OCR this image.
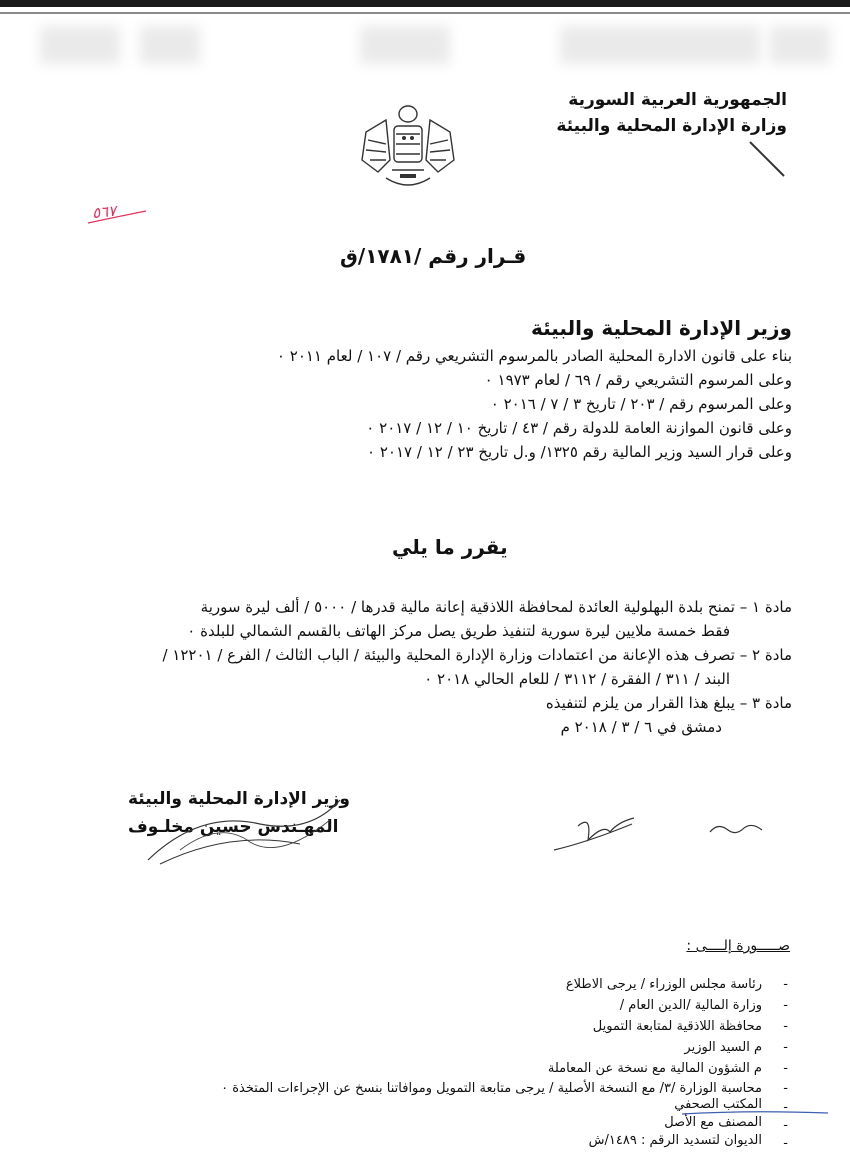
الجمهورية العربية السورية
وزارة الإدارة المحلية والبيئة
٥٦٧
قـرار رقم /١٧٨١/ق
وزير الإدارة المحلية والبيئة
بناء على قانون الادارة المحلية الصادر بالمرسوم التشريعي رقم / ١٠٧ / لعام ٢٠١١ ٠
وعلى المرسوم التشريعي رقم / ٦٩ / لعام ١٩٧٣ ٠
وعلى المرسوم رقم / ٢٠٣ / تاريخ ٣ / ٧ / ٢٠١٦ ٠
وعلى قانون الموازنة العامة للدولة رقم / ٤٣ / تاريخ ١٠ / ١٢ / ٢٠١٧ ٠
وعلى قرار السيد وزير المالية رقم ١٣٢٥/ و.ل تاريخ ٢٣ / ١٢ / ٢٠١٧ ٠
يقرر ما يلي
مادة ١ – تمنح بلدة البهلولية العائدة لمحافظة اللاذقية إعانة مالية قدرها / ٥٠٠٠ / ألف ليرة سورية
فقط خمسة ملايين ليرة سورية لتنفيذ طريق يصل مركز الهاتف بالقسم الشمالي للبلدة ٠
مادة ٢ – تصرف هذه الإعانة من اعتمادات وزارة الإدارة المحلية والبيئة / الباب الثالث / الفرع / ١٢٢٠١ /
البند / ٣١١ / الفقرة / ٣١١٢ / للعام الحالي ٢٠١٨ ٠
مادة ٣ – يبلغ هذا القرار من يلزم لتنفيذه
دمشق في ٦ / ٣ / ٢٠١٨ م
وزير الإدارة المحلية والبيئة
المهـندس حسين مخلـوف
صـــــورة إلــــى :
-
رئاسة مجلس الوزراء / يرجى الاطلاع
-
وزارة المالية /الدين العام /
-
محافظة اللاذقية لمتابعة التمويل
-
م السيد الوزير
-
م الشؤون المالية مع نسخة عن المعاملة
-
محاسبة الوزارة /٣/ مع النسخة الأصلية / يرجى متابعة التمويل وموافاتنا بنسخ عن الإجراءات المتخذة ٠
-
المكتب الصحفي
-
المصنف مع الأصل
-
الديوان لتسديد الرقم : ١٤٨٩/ش
